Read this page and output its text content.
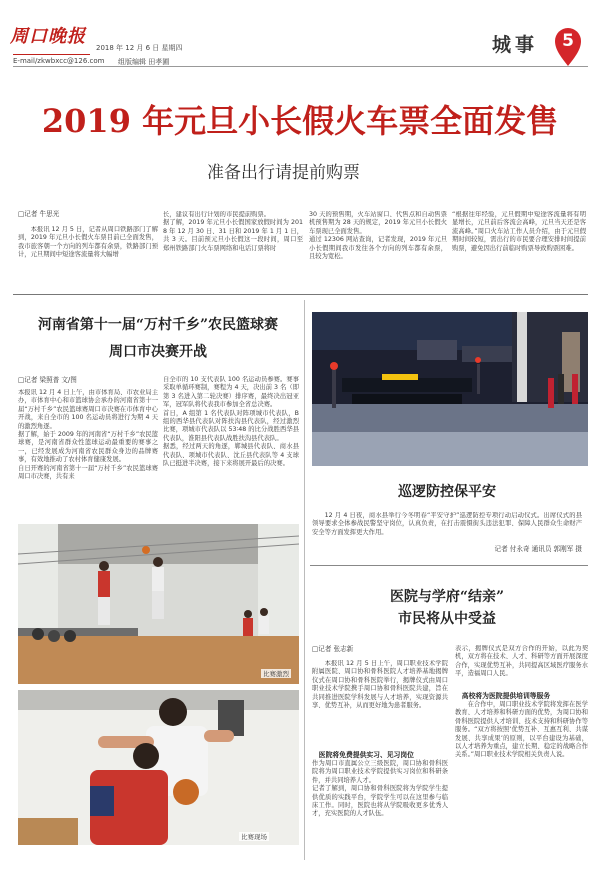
周口晚报
2018 年 12 月 6 日 星期四
E-mail/zkwbxcc@126.com 组版编辑 田孝圃
城事	5
2019 年元旦小长假火车票全面发售
准备出行请提前购票
□记者 牛思光
本报讯 12 月 5 日，记者从周口铁路部门了解到，2019 年元旦小长假火车票目前已全面发售，我市旅客朝一个方向的列车都有余票，铁路部门预计，元旦期间中短途客流量将大幅增
长，建议有出行计划的市民提前购票。
据了解，2019 年元旦小长假国家放假时间为 2018 年 12 月 30 日、31 日和 2019 年 1 月 1 日，共 3 天。目前预元旦小长假这一段时间，周口至郑州铁路部门火车票网络和电话订票将时
30 天的预售期，火车站窗口、代售点和自动售票机预售期为 28 天的规定，2019 年元旦小长假火车票现已全面发售。
通过 12306 网站查询，记者发现，2019 年元旦小长假期间我市发往各个方向的列车都有余票，且较为宽松。
“根据往年经验，元旦假期中短途客流量将有明显增长，元旦前后客流会高峰，元旦当天还是客流高峰。”周口火车站工作人员介绍，由于元旦假期时间较短，需出行的市民要合理安排时间提前购票，避免因出行前临时购票导致购票困难。
河南省第十一届“万村千乡”农民篮球赛
周口市决赛开战
□记者 梁照普 文/图
本报讯 12 月 4 日上午，由市体育局、市农业局主办，市体育中心和市篮球协会承办的河南省第十一届“万村千乡”农民篮球赛周口市决赛在市体育中心开战，来自全市的 100 名运动员将进行为期 4 天的激烈角逐。
据了解，始于 2009 年的河南省“万村千乡”农民篮球赛，是河南省群众性篮球运动最重要的赛事之一，已经发展成为河南省农民群众身边的品牌赛事，有效地推动了农村体育健康发展。
自日开赛的河南省第十一届“万村千乡”农民篮球赛周口市决赛，共有来
自全市的 10 支代表队 100 名运动员参赛。赛事采取单循环赛制，赛程为 4 天，决出前 3 名（即第 3 名进入第二轮决赛）排序赛，最终决出冠亚军，冠军队将代表我市参加全省总决赛。
首日，A 组第 1 名代表队对阵项城市代表队，B 组的西华县代表队对阵扶沟县代表队，经过激烈比赛，项城市代表队以 53∶48 的比分战胜西华县代表队，淮阳县代表队战胜扶沟县代表队。
据悉，经过两天的角逐，郸城县代表队、商水县代表队、项城市代表队、沈丘县代表队等 4 支球队已挺进半决赛，接下来将展开最后的决赛。
比赛激烈
比赛现场
巡逻防控保平安
12 月 4 日夜，商水县举行今冬明春“平安守护”巡逻防控专项行动启动仪式。出席仪式的县领导要求全体参战民警坚守岗位，认真负责，在打击震慑街头违法犯罪、保障人民群众生命财产安全等方面发挥更大作用。
记者 付永奇 通讯员 郭刚军 摄
医院与学府“结亲”
市民将从中受益
□记者 张志新
本报讯 12 月 5 日上午，周口职业技术学院附属医院、周口协和骨科医院人才培养基地揭牌仪式在周口协和骨科医院举行，揭牌仪式由周口职业技术学院携手周口协和骨科医院共建，旨在共同推进医院学科发展与人才培养，实现资源共享、优势互补，从而更好地为患者服务。
医院将免费提供实习、见习岗位
作为周口市直属公立三级医院，周口协和骨科医院将为周口职业技术学院提供实习岗位和科研条件，并共同培养人才。
记者了解到，周口协和骨科医院将为学院学生提供优质的实践平台，学院学生可以在这里参与临床工作。同时，医院也将从学院吸收更多优秀人才，充实医院的人才队伍。
表示，揭牌仪式是双方合作的开始，以此为契机，双方将在技术、人才、科研等方面开展深度合作，实现优势互补，共同提高区域医疗服务水平，造福周口人民。
高校将为医院提供培训等服务
在合作中，周口职业技术学院将发挥在医学教育、人才培养和科研方面的优势，为周口协和骨科医院提供人才培训、技术支持和科研协作等服务。“双方将按照‘优势互补、互惠互利、共谋发展、共享成果’的原则，以平台建设为基础，以人才培养为重点，建立长期、稳定的战略合作关系。”周口职业技术学院相关负责人说。
